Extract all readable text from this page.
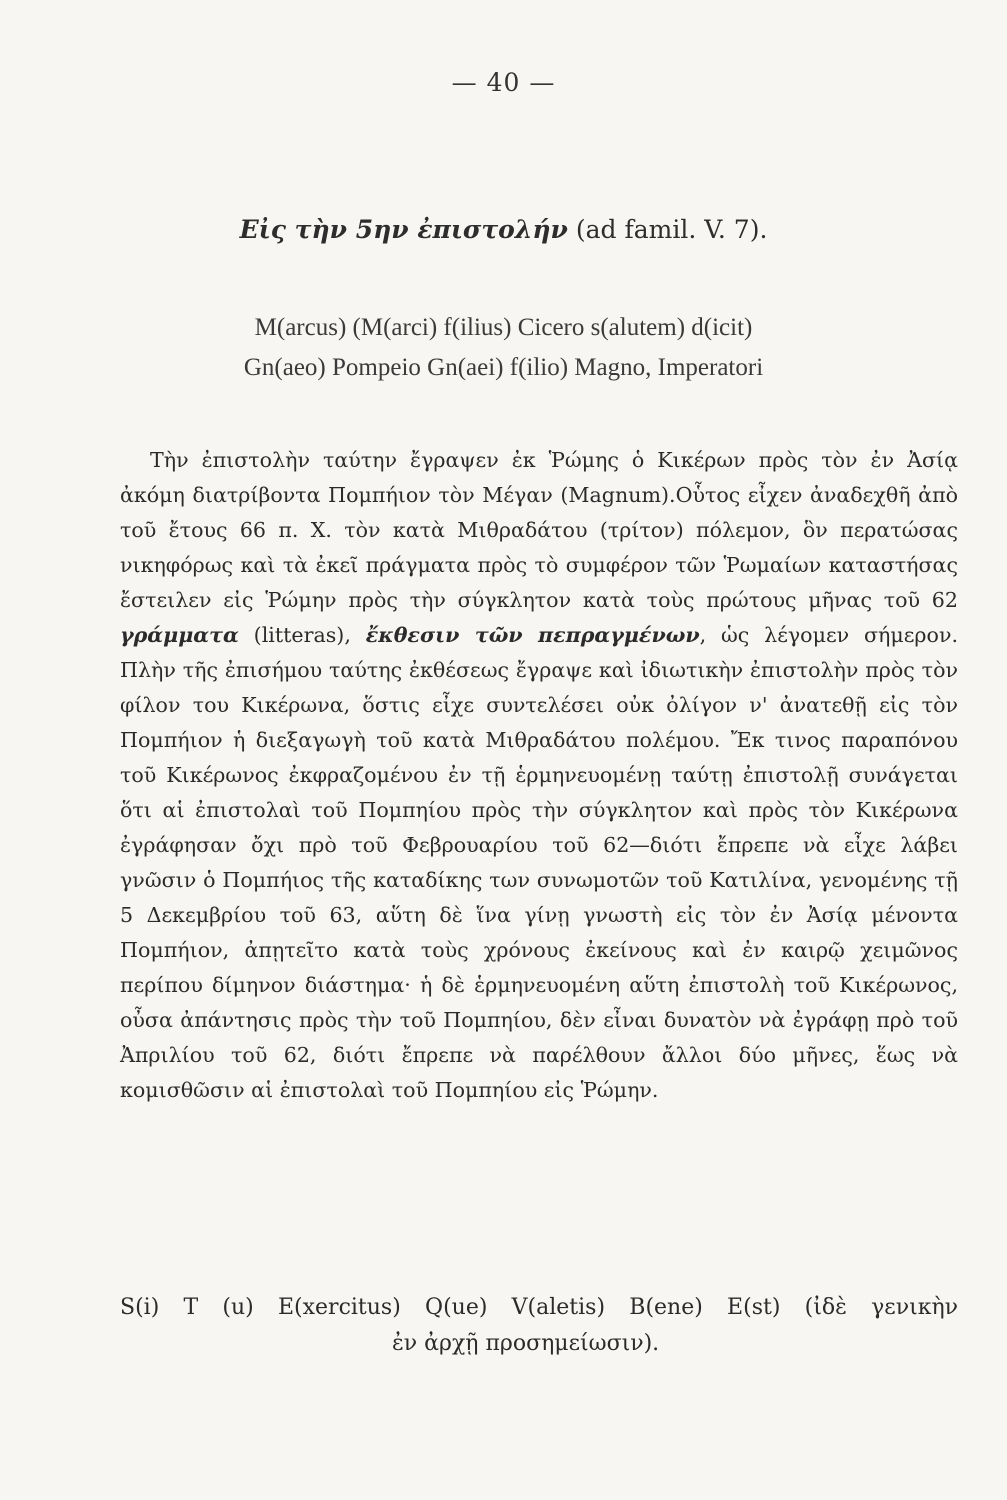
— 40 —
Εἰς τὴν 5ην ἐπιστολήν (ad famil. V. 7).

M(arcus) (M(arci) f(ilius) Cicero s(alutem) d(icit)

Gn(aeo) Pompeio Gn(aei) f(ilio) Magno, Imperatori

Τὴν ἐπιστολὴν ταύτην ἔγραψεν ἐκ Ῥώμης ὁ Κικέρων πρὸς τὸν ἐν Ἀσίᾳ ἀκόμη διατρίβοντα Πομπήιον τὸν Μέγαν (Magnum).Οὗτος εἶχεν ἀναδεχθῆ ἀπὸ τοῦ ἔτους 66 π. Χ. τὸν κατὰ Μιθραδάτου (τρίτον) πόλεμον, ὃν περατώσας νικηφόρως καὶ τὰ ἐκεῖ πράγματα πρὸς τὸ συμφέρον τῶν Ῥωμαίων καταστήσας ἔστειλεν εἰς Ῥώμην πρὸς τὴν σύγκλητον κατὰ τοὺς πρώτους μῆνας τοῦ 62 γράμματα (litteras), ἔκθεσιν τῶν πεπραγμένων, ὡς λέγομεν σήμερον. Πλὴν τῆς ἐπισήμου ταύτης ἐκθέσεως ἔγραψε καὶ ἰδιωτικὴν ἐπιστολὴν πρὸς τὸν φίλον του Κικέρωνα, ὅστις εἶχε συντελέσει οὐκ ὀλίγον ν' ἀνατεθῇ εἰς τὸν Πομπήιον ἡ διεξαγωγὴ τοῦ κατὰ Μιθραδάτου πολέμου. Ἔκ τινος παραπόνου τοῦ Κικέρωνος ἐκφραζομένου ἐν τῇ ἑρμηνευομένῃ ταύτῃ ἐπιστολῇ συνάγεται ὅτι αἱ ἐπιστολαὶ τοῦ Πομπηίου πρὸς τὴν σύγκλητον καὶ πρὸς τὸν Κικέρωνα ἐγράφησαν ὄχι πρὸ τοῦ Φεβρουαρίου τοῦ 62—διότι ἔπρεπε νὰ εἶχε λάβει γνῶσιν ὁ Πομπήιος τῆς καταδίκης των συνωμοτῶν τοῦ Κατιλίνα, γενομένης τῇ 5 Δεκεμβρίου τοῦ 63, αὕτη δὲ ἵνα γίνῃ γνωστὴ εἰς τὸν ἐν Ἀσίᾳ μένοντα Πομπήιον, ἀπῃτεῖτο κατὰ τοὺς χρόνους ἐκείνους καὶ ἐν καιρῷ χειμῶνος περίπου δίμηνον διάστημα· ἡ δὲ ἑρμηνευομένη αὕτη ἐπιστολὴ τοῦ Κικέρωνος, οὖσα ἀπάντησις πρὸς τὴν τοῦ Πομπηίου, δὲν εἶναι δυνατὸν νὰ ἐγράφῃ πρὸ τοῦ Ἀπριλίου τοῦ 62, διότι ἔπρεπε νὰ παρέλθουν ἄλλοι δύο μῆνες, ἕως νὰ κομισθῶσιν αἱ ἐπιστολαὶ τοῦ Πομπηίου εἰς Ῥώμην.

S(i) T (u) E(xercitus) Q(ue) V(aletis) B(ene) E(st) (ἰδὲ γενικὴν

ἐν ἀρχῇ προσημείωσιν).
